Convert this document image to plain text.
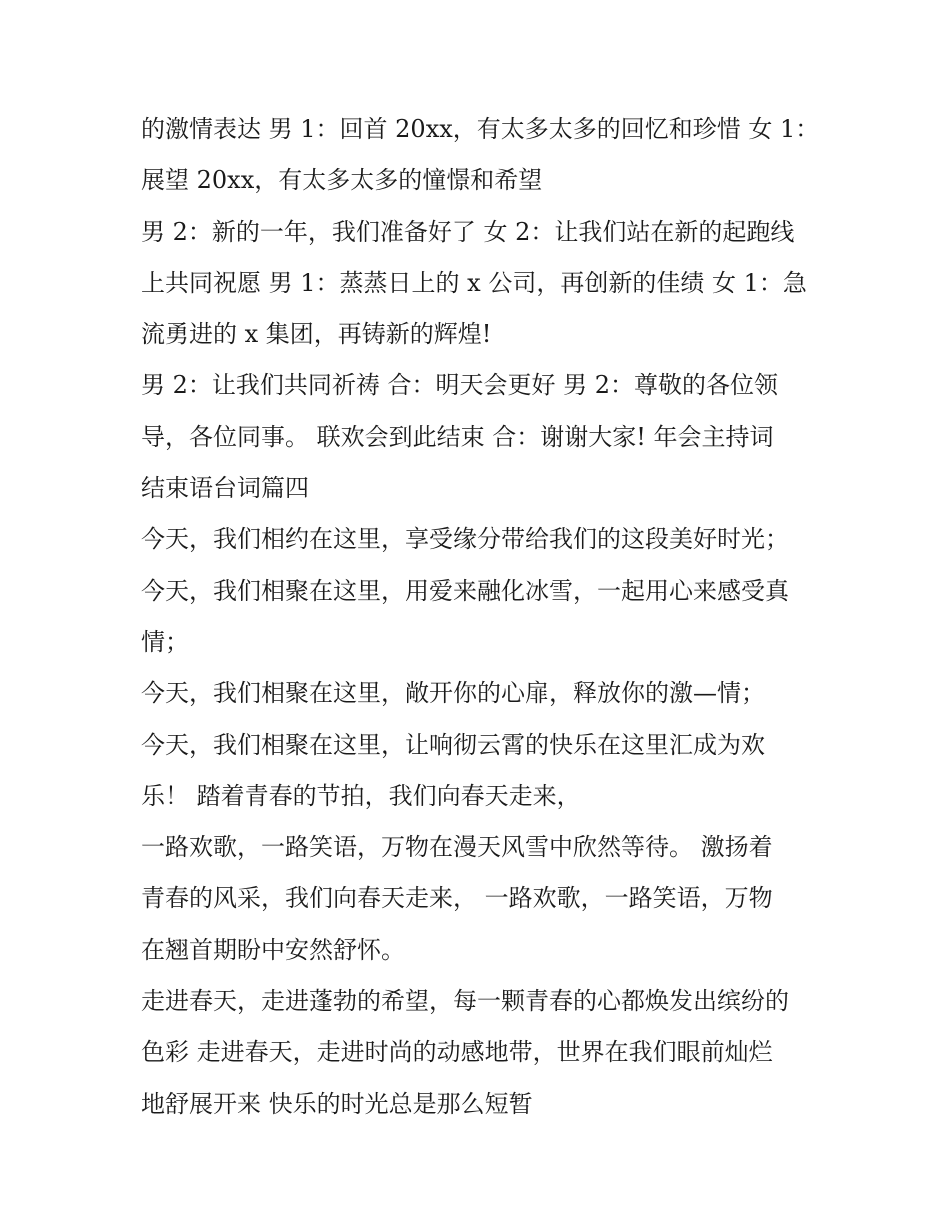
的激情表达 男 1：回首 20xx，有太多太多的回忆和珍惜 女 1：
展望 20xx，有太多太多的憧憬和希望
男 2：新的一年，我们准备好了 女 2：让我们站在新的起跑线
上共同祝愿 男 1：蒸蒸日上的 x 公司，再创新的佳绩 女 1：急
流勇进的 x 集团，再铸新的辉煌!
男 2：让我们共同祈祷 合：明天会更好 男 2：尊敬的各位领
导，各位同事。 联欢会到此结束 合：谢谢大家! 年会主持词
结束语台词篇四
今天，我们相约在这里，享受缘分带给我们的这段美好时光；
今天，我们相聚在这里，用爱来融化冰雪，一起用心来感受真
情；
今天，我们相聚在这里，敞开你的心扉，释放你的激—情；
今天，我们相聚在这里，让响彻云霄的快乐在这里汇成为欢
乐！ 踏着青春的节拍，我们向春天走来，
一路欢歌，一路笑语，万物在漫天风雪中欣然等待。 激扬着
青春的风采，我们向春天走来， 一路欢歌，一路笑语，万物
在翘首期盼中安然舒怀。
走进春天，走进蓬勃的希望，每一颗青春的心都焕发出缤纷的
色彩 走进春天，走进时尚的动感地带，世界在我们眼前灿烂
地舒展开来 快乐的时光总是那么短暂
